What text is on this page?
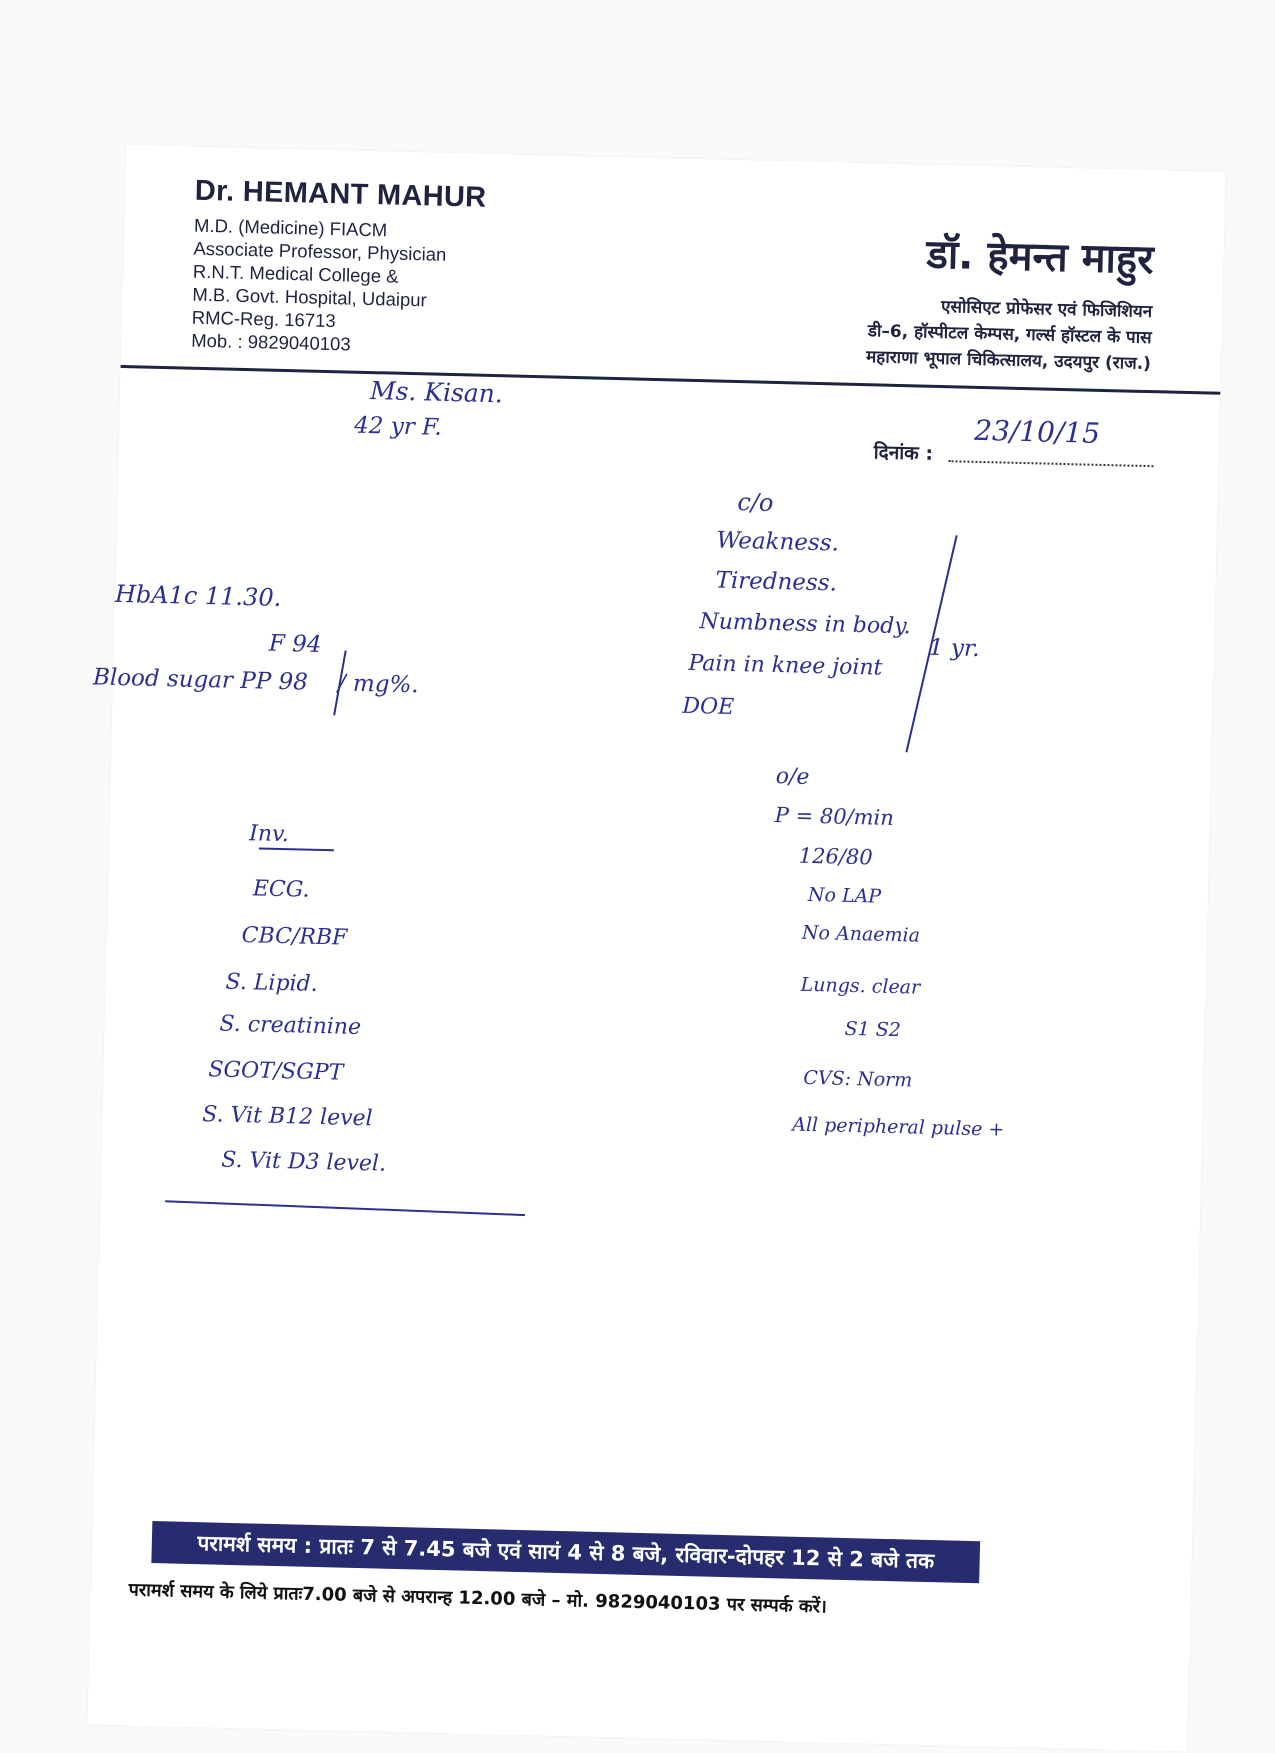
Dr. HEMANT MAHUR
M.D. (Medicine) FIACM
Associate Professor, Physician
R.N.T. Medical College &
M.B. Govt. Hospital, Udaipur
RMC-Reg. 16713
Mob. : 9829040103
डॉ. हेमन्त माहुर
एसोसिएट प्रोफेसर एवं फिजिशियन
डी–6, हॉस्पीटल केम्पस, गर्ल्स हॉस्टल के पास
महाराणा भूपाल चिकित्सालय, उदयपुर (राज.)
दिनांक :
Ms. Kisan.
42 yr F.	23/10/15
HbA1c 11.30.
F 94
Blood sugar PP 98 / mg%.
c/o
Weakness.
Tiredness.
Numbness in body.
Pain in knee joint
DOE
1 yr.
o/e
P = 80/min
126/80
No LAP
No Anaemia
Lungs. clear
S1 S2
CVS: Norm
All peripheral pulse +
Inv.
ECG.
CBC/RBF
S. Lipid.
S. creatinine
SGOT/SGPT
S. Vit B12 level
S. Vit D3 level.
परामर्श समय : प्रातः 7 से 7.45 बजे एवं सायं 4 से 8 बजे, रविवार-दोपहर 12 से 2 बजे तक
परामर्श समय के लिये प्रातः7.00 बजे से अपरान्ह 12.00 बजे – मो. 9829040103 पर सम्पर्क करें।
